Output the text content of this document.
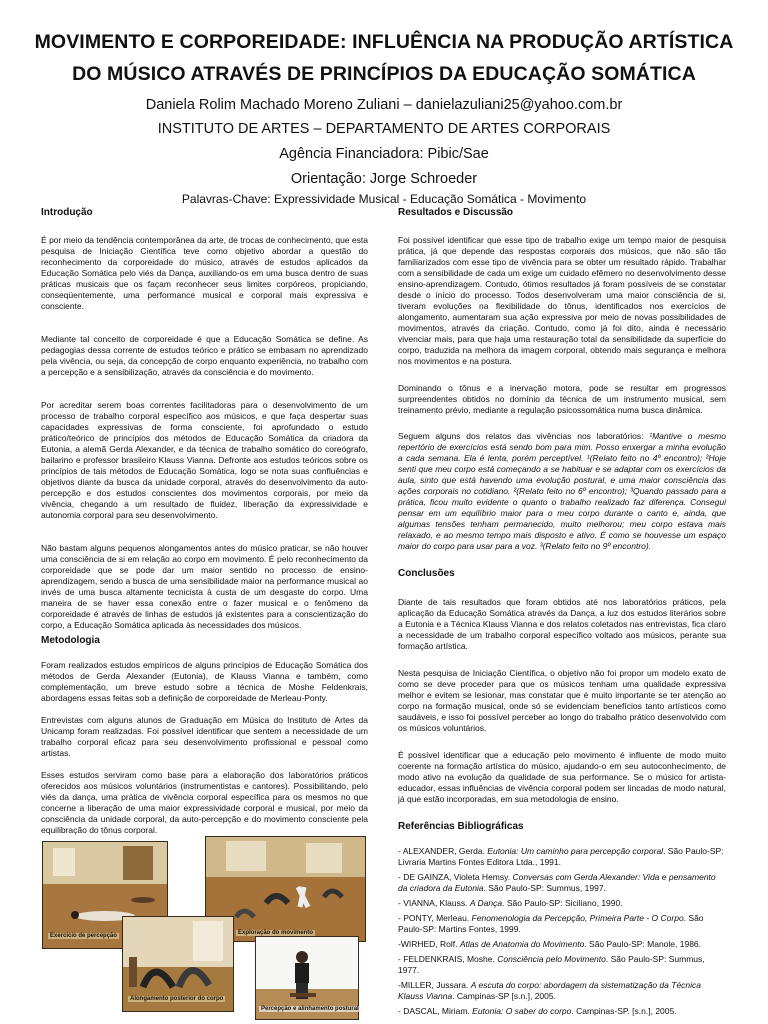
MOVIMENTO E CORPOREIDADE: INFLUÊNCIA NA PRODUÇÃO ARTÍSTICA
DO MÚSICO ATRAVÉS DE PRINCÍPIOS DA EDUCAÇÃO SOMÁTICA
Daniela Rolim Machado Moreno Zuliani – danielazuliani25@yahoo.com.br
INSTITUTO DE ARTES – DEPARTAMENTO DE ARTES CORPORAIS
Agência Financiadora: Pibic/Sae
Orientação: Jorge Schroeder
Palavras-Chave: Expressividade Musical - Educação Somática - Movimento

Introdução

É por meio da tendência contemporânea da arte, de trocas de conhecimento, que esta pesquisa de Iniciação Científica teve como objetivo abordar a questão do reconhecimento da corporeidade do músico, através de estudos aplicados da Educação Somática pelo viés da Dança, auxiliando-os em uma busca dentro de suas práticas musicais que os façam reconhecer seus limites corpóreos, propiciando, conseqüentemente, uma performance musical e corporal mais expressiva e consciente.

Mediante tal conceito de corporeidade é que a Educação Somática se define. As pedagogias dessa corrente de estudos teórico e prático se embasam no aprendizado pela vivência, ou seja, da concepção de corpo enquanto experiência, no trabalho com a percepção e a sensibilização, através da consciência e do movimento.

Por acreditar serem boas correntes facilitadoras para o desenvolvimento de um processo de trabalho corporal específico aos músicos, e que faça despertar suas capacidades expressivas de forma consciente, foi aprofundado o estudo prático/teórico de princípios dos métodos de Educação Somática da criadora da Eutonia, a alemã Gerda Alexander, e da técnica de trabalho somático do coreógrafo, bailarino e professor brasileiro Klauss Vianna. Defronte aos estudos teóricos sobre os princípios de tais métodos de Educação Somática, logo se nota suas confluências e objetivos diante da busca da unidade corporal, através do desenvolvimento da auto-percepção e dos estudos conscientes dos movimentos corporais, por meio da vivência, chegando a um resultado de fluidez, liberação da expressividade e autonomia corporal para seu desenvolvimento.

Não bastam alguns pequenos alongamentos antes do músico praticar, se não houver uma consciência de si em relação ao corpo em movimento. É pelo reconhecimento da corporeidade que se pode dar um maior sentido no processo de ensino-aprendizagem, sendo a busca de uma sensibilidade maior na performance musical ao invés de uma busca altamente tecnicista à custa de um desgaste do corpo. Uma maneira de se haver essa conexão entre o fazer musical e o fenômeno da corporeidade é através de linhas de estudos já existentes para a conscientização do corpo, a Educação Somática aplicada às necessidades dos músicos.

Metodologia

Foram realizados estudos empíricos de alguns princípios de Educação Somática dos métodos de Gerda Alexander (Eutonia), de Klauss Vianna e também, como complementação, um breve estudo sobre a técnica de Moshe Feldenkrais, abordagens essas feitas sob a definição de corporeidade de Merleau-Ponty.

Entrevistas com alguns alunos de Graduação em Música do Instituto de Artes da Unicamp foram realizadas. Foi possível identificar que sentem a necessidade de um trabalho corporal eficaz para seu desenvolvimento profissional e pessoal como artistas.

Esses estudos serviram como base para a elaboração dos laboratórios práticos oferecidos aos músicos voluntários (instrumentistas e cantores). Possibilitando, pelo viés da dança, uma prática de vivência corporal específica para os mesmos no que concerne a liberação de uma maior expressividade corporal e musical, por meio da consciência da unidade corporal, da auto-percepção e do movimento consciente pela equilibração do tônus corporal.

Exercício de percepção	Exploração do movimento
Alongamento posterior do corpo
Percepção e alinhamento postural

Resultados e Discussão

Foi possível identificar que esse tipo de trabalho exige um tempo maior de pesquisa prática, já que depende das respostas corporais dos músicos, que não são tão familiarizados com esse tipo de vivência para se obter um resultado rápido. Trabalhar com a sensibilidade de cada um exige um cuidado efêmero no desenvolvimento desse ensino-aprendizagem. Contudo, ótimos resultados já foram possíveis de se constatar desde o início do processo. Todos desenvolveram uma maior consciência de si, tiveram evoluções na flexibilidade do tônus, identificados nos exercícios de alongamento, aumentaram sua ação expressiva por meio de novas possibilidades de movimentos, através da criação. Contudo, como já foi dito, ainda é necessário vivenciar mais, para que haja uma restauração total da sensibilidade da superfície do corpo, traduzida na melhora da imagem corporal, obtendo mais segurança e melhora nos movimentos e na postura.

Dominando o tônus e a inervação motora, pode se resultar em progressos surpreendentes obtidos no domínio da técnica de um instrumento musical, sem treinamento prévio, mediante a regulação psicossomática numa busca dinâmica.

Seguem alguns dos relatos das vivências nos laboratórios: ¹Mantive o mesmo repertório de exercícios está sendo bom para mim. Posso enxergar a minha evolução a cada semana. Ela é lenta, porém perceptível. ¹(Relato feito no 4º encontro); ²Hoje senti que meu corpo está começando a se habituar e se adaptar com os exercícios da aula, sinto que está havendo uma evolução postural, e uma maior consciência das ações corporais no cotidiano. ²(Relato feito no 6º encontro); ³Quando passado para a prática, ficou muito evidente o quanto o trabalho realizado faz diferença. Consegui pensar em um equilíbrio maior para o meu corpo durante o canto e, ainda, que algumas tensões tenham permanecido, muito melhorou; meu corpo estava mais relaxado, e ao mesmo tempo mais disposto e ativo. É como se houvesse um espaço maior do corpo para usar para a voz. ³(Relato feito no 9º encontro).

Conclusões

Diante de tais resultados que foram obtidos até nos laboratórios práticos, pela aplicação da Educação Somática através da Dança, a luz dos estudos literários sobre a Eutonia e a Técnica Klauss Vianna e dos relatos coletados nas entrevistas, fica claro a necessidade de um trabalho corporal específico voltado aos músicos, perante sua formação artística.

Nesta pesquisa de Iniciação Científica, o objetivo não foi propor um modelo exato de como se deve proceder para que os músicos tenham uma qualidade expressiva melhor e evitem se lesionar, mas constatar que é muito importante se ter atenção ao corpo na formação musical, onde só se evidenciam benefícios tanto artísticos como saudáveis, e isso foi possível perceber ao longo do trabalho prático desenvolvido com os músicos voluntários.

É possível identificar que a educação pelo movimento é influente de modo muito coerente na formação artística do músico, ajudando-o em seu autoconhecimento, de modo ativo na evolução da qualidade de sua performance. Se o músico for artista-educador, essas influências de vivência corporal podem ser lincadas de modo natural, já que estão incorporadas, em sua metodologia de ensino.

Referências Bibliográficas

- ALEXANDER, Gerda. Eutonia: Um caminho para percepção corporal. São Paulo-SP: Livraria Martins Fontes Editora Ltda., 1991.

- DE GAINZA, Violeta Hemsy. Conversas com Gerda Alexander: Vida e pensamento da criadora da Eutonia. São Paulo-SP: Summus, 1997.

- VIANNA, Klauss. A Dança. São Paulo-SP: Siciliano, 1990.

- PONTY, Merleau. Fenomenologia da Percepção, Primeira Parte - O Corpo. São Paulo-SP: Martins Fontes, 1999.

-WIRHED, Rolf. Atlas de Anatomia do Movimento. São Paulo-SP: Manole, 1986.

- FELDENKRAIS, Moshe. Consciência pelo Movimento. São Paulo-SP: Summus, 1977.

-MILLER, Jussara. A escuta do corpo: abordagem da sistematização da Técnica Klauss Vianna. Campinas-SP [s.n.], 2005.

- DASCAL, Miriam. Eutonia: O saber do corpo. Campinas-SP. [s.n.], 2005.
